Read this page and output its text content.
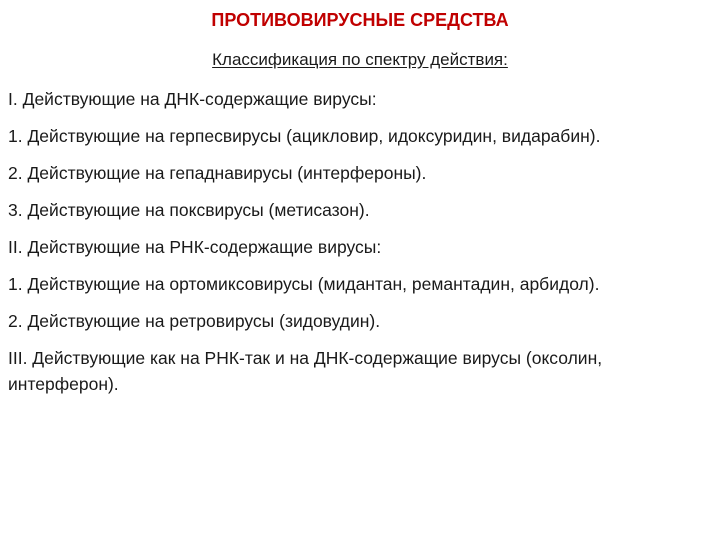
ПРОТИВОВИРУСНЫЕ СРЕДСТВА
Классификация по спектру действия:

I. Действующие на ДНК-содержащие вирусы:

1. Действующие на герпесвирусы (ацикловир, идоксуридин, видарабин).

2. Действующие на гепаднавирусы (интерфероны).

3. Действующие на поксвирусы (метисазон).

II. Действующие на РНК-содержащие вирусы:

1. Действующие на ортомиксовирусы (мидантан, ремантадин, арбидол).

2. Действующие на ретровирусы (зидовудин).

III. Действующие как на РНК-так и на ДНК-содержащие вирусы (оксолин, интерферон).
